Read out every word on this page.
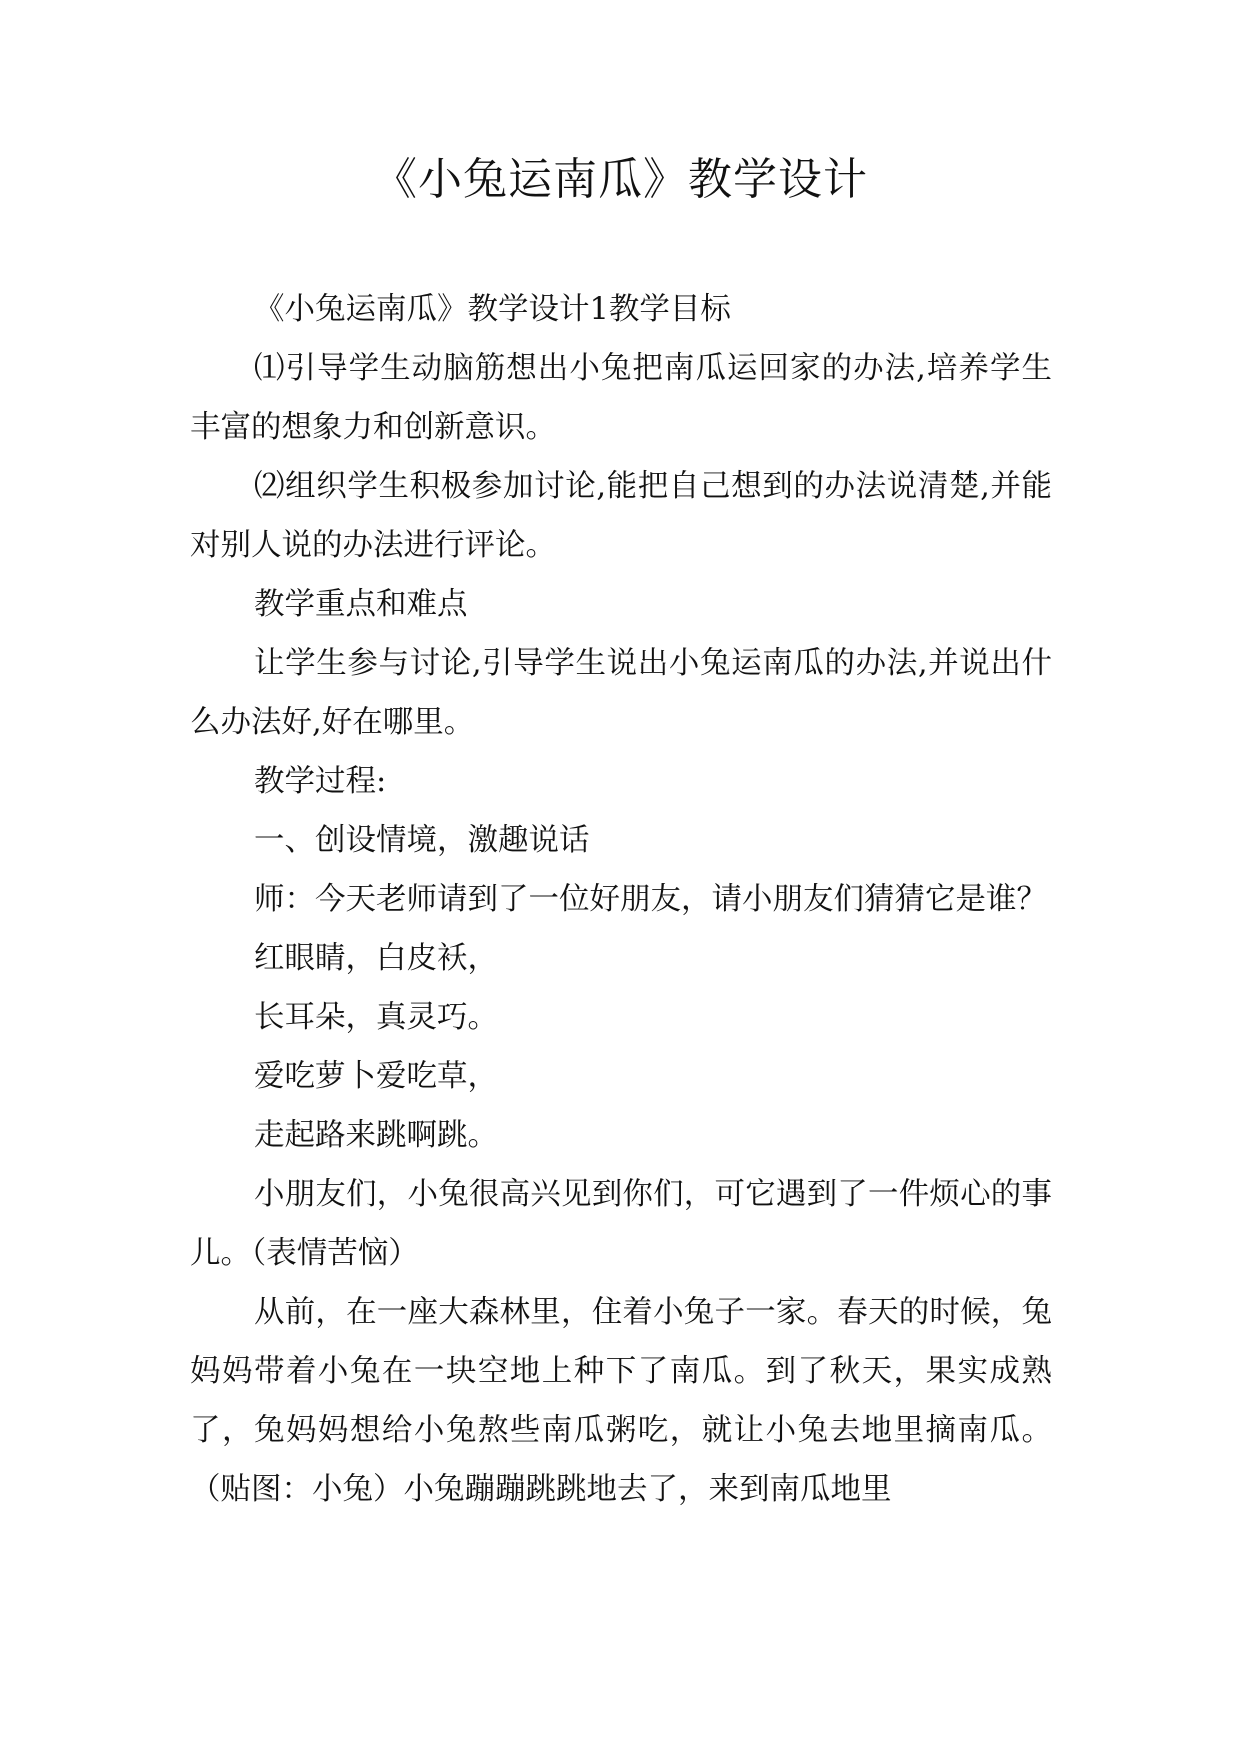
《小兔运南瓜》教学设计

《小兔运南瓜》教学设计1教学目标

⑴引导学生动脑筋想出小兔把南瓜运回家的办法,培养学生丰富的想象力和创新意识。

⑵组织学生积极参加讨论,能把自己想到的办法说清楚,并能对别人说的办法进行评论。

教学重点和难点

让学生参与讨论,引导学生说出小兔运南瓜的办法,并说出什么办法好,好在哪里。

教学过程:

一、创设情境，激趣说话

师：今天老师请到了一位好朋友，请小朋友们猜猜它是谁？

红眼睛，白皮袄，

长耳朵，真灵巧。

爱吃萝卜爱吃草，

走起路来跳啊跳。

小朋友们，小兔很高兴见到你们，可它遇到了一件烦心的事儿。（表情苦恼）

从前，在一座大森林里，住着小兔子一家。春天的时候，兔妈妈带着小兔在一块空地上种下了南瓜。到了秋天，果实成熟了，兔妈妈想给小兔熬些南瓜粥吃，就让小兔去地里摘南瓜。（贴图：小兔）小兔蹦蹦跳跳地去了，来到南瓜地里
